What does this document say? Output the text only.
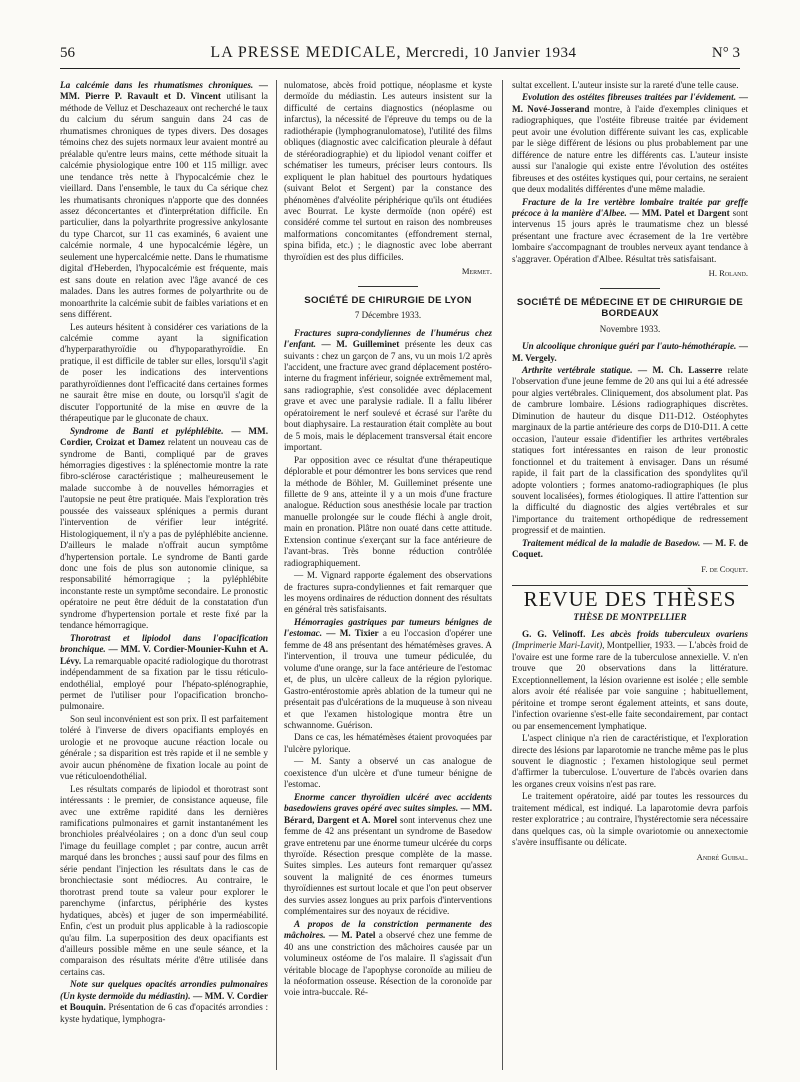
56	LA PRESSE MEDICALE, Mercredi, 10 Janvier 1934	N° 3

La calcémie dans les rhumatismes chroniques. — MM. Pierre P. Ravault et D. Vincent utilisant la méthode de Velluz et Deschazeaux ont recherché le taux du calcium du sérum sanguin dans 24 cas de rhumatismes chroniques de types divers. Des dosages témoins chez des sujets normaux leur avaient montré au préalable qu'entre leurs mains, cette méthode situait la calcémie physiologique entre 100 et 115 milligr. avec une tendance très nette à l'hypocalcémie chez le vieillard. Dans l'ensemble, le taux du Ca sérique chez les rhumatisants chroniques n'apporte que des données assez déconcertantes et d'interprétation difficile. En particulier, dans la polyarthrite progressive ankylosante du type Charcot, sur 11 cas examinés, 6 avaient une calcémie normale, 4 une hypocalcémie légère, un seulement une hypercalcémie nette. Dans le rhumatisme digital d'Heberden, l'hypocalcémie est fréquente, mais est sans doute en relation avec l'âge avancé de ces malades. Dans les autres formes de polyarthrite ou de monoarthrite la calcémie subit de faibles variations et en sens différent.

Les auteurs hésitent à considérer ces variations de la calcémie comme ayant la signification d'hyperparathyroïdie ou d'hypoparathyroïdie. En pratique, il est difficile de tabler sur elles, lorsqu'il s'agit de poser les indications des interventions parathyroïdiennes dont l'efficacité dans certaines formes ne saurait être mise en doute, ou lorsqu'il s'agit de discuter l'opportunité de la mise en œuvre de la thérapeutique par le gluconate de chaux.

Syndrome de Banti et pyléphlébite. — MM. Cordier, Croizat et Damez relatent un nouveau cas de syndrome de Banti, compliqué par de graves hémorragies digestives : la splénectomie montre la rate fibro-sclérose caractéristique ; malheureusement le malade succombe à de nouvelles hémorragies et l'autopsie ne peut être pratiquée. Mais l'exploration très poussée des vaisseaux spléniques a permis durant l'intervention de vérifier leur intégrité. Histologiquement, il n'y a pas de pyléphlébite ancienne. D'ailleurs le malade n'offrait aucun symptôme d'hypertension portale. Le syndrome de Banti garde donc une fois de plus son autonomie clinique, sa responsabilité hémorragique ; la pyléphlébite inconstante reste un symptôme secondaire. Le pronostic opératoire ne peut être déduit de la constatation d'un syndrome d'hypertension portale et reste fixé par la tendance hémorragique.

Thorotrast et lipiodol dans l'opacification bronchique. — MM. V. Cordier-Mounier-Kuhn et A. Lévy. La remarquable opacité radiologique du thorotrast indépendamment de sa fixation par le tissu réticulo-endothélial, employé pour l'hépato-splénographie, permet de l'utiliser pour l'opacification broncho-pulmonaire.

Son seul inconvénient est son prix. Il est parfaitement toléré à l'inverse de divers opacifiants employés en urologie et ne provoque aucune réaction locale ou générale ; sa disparition est très rapide et il ne semble y avoir aucun phénomène de fixation locale au point de vue réticuloendothélial.

Les résultats comparés de lipiodol et thorotrast sont intéressants : le premier, de consistance aqueuse, file avec une extrême rapidité dans les dernières ramifications pulmonaires et garnit instantanément les bronchioles préalvéolaires ; on a donc d'un seul coup l'image du feuillage complet ; par contre, aucun arrêt marqué dans les bronches ; aussi sauf pour des films en série pendant l'injection les résultats dans le cas de bronchiectasie sont médiocres. Au contraire, le thorotrast prend toute sa valeur pour explorer le parenchyme (infarctus, périphérie des kystes hydatiques, abcès) et juger de son imperméabilité. Enfin, c'est un produit plus applicable à la radioscopie qu'au film. La superposition des deux opacifiants est d'ailleurs possible même en une seule séance, et la comparaison des résultats mérite d'être utilisée dans certains cas.

Note sur quelques opacités arrondies pulmonaires (Un kyste dermoïde du médiastin). — MM. V. Cordier et Bouquin. Présentation de 6 cas d'opacités arrondies : kyste hydatique, lymphogra-

nulomatose, abcès froid pottique, néoplasme et kyste dermoïde du médiastin. Les auteurs insistent sur la difficulté de certains diagnostics (néoplasme ou infarctus), la nécessité de l'épreuve du temps ou de la radiothérapie (lymphogranulomatose), l'utilité des films obliques (diagnostic avec calcification pleurale à défaut de stéréoradiographie) et du lipiodol venant coiffer et schématiser les tumeurs, préciser leurs contours. Ils expliquent le plan habituel des pourtours hydatiques (suivant Belot et Sergent) par la constance des phénomènes d'alvéolite périphérique qu'ils ont étudiées avec Bourrat. Le kyste dermoïde (non opéré) est considéré comme tel surtout en raison des nombreuses malformations concomitantes (effondrement sternal, spina bifida, etc.) ; le diagnostic avec lobe aberrant thyroïdien est des plus difficiles.

Mermet.
SOCIÉTÉ DE CHIRURGIE DE LYON
7 Décembre 1933.

Fractures supra-condyliennes de l'humérus chez l'enfant. — M. Guilleminet présente les deux cas suivants : chez un garçon de 7 ans, vu un mois 1/2 après l'accident, une fracture avec grand déplacement postéro-interne du fragment inférieur, soignée extrêmement mal, sans radiographie, s'est consolidée avec déplacement grave et avec une paralysie radiale. Il a fallu libérer opératoirement le nerf soulevé et écrasé sur l'arête du bout diaphysaire. La restauration était complète au bout de 5 mois, mais le déplacement transversal était encore important.

Par opposition avec ce résultat d'une thérapeutique déplorable et pour démontrer les bons services que rend la méthode de Böhler, M. Guilleminet présente une fillette de 9 ans, atteinte il y a un mois d'une fracture analogue. Réduction sous anesthésie locale par traction manuelle prolongée sur le coude fléchi à angle droit, main en pronation. Plâtre non ouaté dans cette attitude. Extension continue s'exerçant sur la face antérieure de l'avant-bras. Très bonne réduction contrôlée radiographiquement.

— M. Vignard rapporte également des observations de fractures supra-condyliennes et fait remarquer que les moyens ordinaires de réduction donnent des résultats en général très satisfaisants.

Hémorragies gastriques par tumeurs bénignes de l'estomac. — M. Tixier a eu l'occasion d'opérer une femme de 48 ans présentant des hématémèses graves. A l'intervention, il trouva une tumeur pédiculée, du volume d'une orange, sur la face antérieure de l'estomac et, de plus, un ulcère calleux de la région pylorique. Gastro-entérostomie après ablation de la tumeur qui ne présentait pas d'ulcérations de la muqueuse à son niveau et que l'examen histologique montra être un schwannome. Guérison.

Dans ce cas, les hématémèses étaient provoquées par l'ulcère pylorique.

— M. Santy a observé un cas analogue de coexistence d'un ulcère et d'une tumeur bénigne de l'estomac.

Enorme cancer thyroïdien ulcéré avec accidents basedowiens graves opéré avec suites simples. — MM. Bérard, Dargent et A. Morel sont intervenus chez une femme de 42 ans présentant un syndrome de Basedow grave entretenu par une énorme tumeur ulcérée du corps thyroïde. Résection presque complète de la masse. Suites simples. Les auteurs font remarquer qu'assez souvent la malignité de ces énormes tumeurs thyroïdiennes est surtout locale et que l'on peut observer des survies assez longues au prix parfois d'interventions complémentaires sur des noyaux de récidive.

A propos de la constriction permanente des mâchoires. — M. Patel a observé chez une femme de 40 ans une constriction des mâchoires causée par un volumineux ostéome de l'os malaire. Il s'agissait d'un véritable blocage de l'apophyse coronoïde au milieu de la néoformation osseuse. Résection de la coronoïde par voie intra-buccale. Ré-

sultat excellent. L'auteur insiste sur la rareté d'une telle cause.

Evolution des ostéites fibreuses traitées par l'évidement. — M. Nové-Josserand montre, à l'aide d'exemples cliniques et radiographiques, que l'ostéite fibreuse traitée par évidement peut avoir une évolution différente suivant les cas, explicable par le siège différent de lésions ou plus probablement par une différence de nature entre les différents cas. L'auteur insiste aussi sur l'analogie qui existe entre l'évolution des ostéites fibreuses et des ostéites kystiques qui, pour certains, ne seraient que deux modalités différentes d'une même maladie.

Fracture de la 1re vertèbre lombaire traitée par greffe précoce à la manière d'Albee. — MM. Patel et Dargent sont intervenus 15 jours après le traumatisme chez un blessé présentant une fracture avec écrasement de la 1re vertèbre lombaire s'accompagnant de troubles nerveux ayant tendance à s'aggraver. Opération d'Albee. Résultat très satisfaisant.

H. Roland.
SOCIÉTÉ DE MÉDECINE ET DE CHIRURGIE DE BORDEAUX
Novembre 1933.

Un alcoolique chronique guéri par l'auto-hémothérapie. — M. Vergely.

Arthrite vertébrale statique. — M. Ch. Lasserre relate l'observation d'une jeune femme de 20 ans qui lui a été adressée pour algies vertébrales. Cliniquement, dos absolument plat. Pas de cambrure lombaire. Lésions radiographiques discrètes. Diminution de hauteur du disque D11-D12. Ostéophytes marginaux de la partie antérieure des corps de D10-D11. A cette occasion, l'auteur essaie d'identifier les arthrites vertébrales statiques fort intéressantes en raison de leur pronostic fonctionnel et du traitement à envisager. Dans un résumé rapide, il fait part de la classification des spondylites qu'il adopte volontiers ; formes anatomo-radiographiques (le plus souvent localisées), formes étiologiques. Il attire l'attention sur la difficulté du diagnostic des algies vertébrales et sur l'importance du traitement orthopédique de redressement progressif et de maintien.

Traitement médical de la maladie de Basedow. — M. F. de Coquet.

F. de Coquet.
REVUE DES THÈSES
THÈSE DE MONTPELLIER

G. G. Velinoff. Les abcès froids tuberculeux ovariens (Imprimerie Mari-Lavit), Montpellier, 1933. — L'abcès froid de l'ovaire est une forme rare de la tuberculose annexielle. V. n'en trouve que 20 observations dans la littérature. Exceptionnellement, la lésion ovarienne est isolée ; elle semble alors avoir été réalisée par voie sanguine ; habituellement, péritoine et trompe seront également atteints, et sans doute, l'infection ovarienne s'est-elle faite secondairement, par contact ou par ensemencement lymphatique.

L'aspect clinique n'a rien de caractéristique, et l'exploration directe des lésions par laparotomie ne tranche même pas le plus souvent le diagnostic ; l'examen histologique seul permet d'affirmer la tuberculose. L'ouverture de l'abcès ovarien dans les organes creux voisins n'est pas rare.

Le traitement opératoire, aidé par toutes les ressources du traitement médical, est indiqué. La laparotomie devra parfois rester exploratrice ; au contraire, l'hystérectomie sera nécessaire dans quelques cas, où la simple ovariotomie ou annexectomie s'avère insuffisante ou délicate.

André Guibal.
